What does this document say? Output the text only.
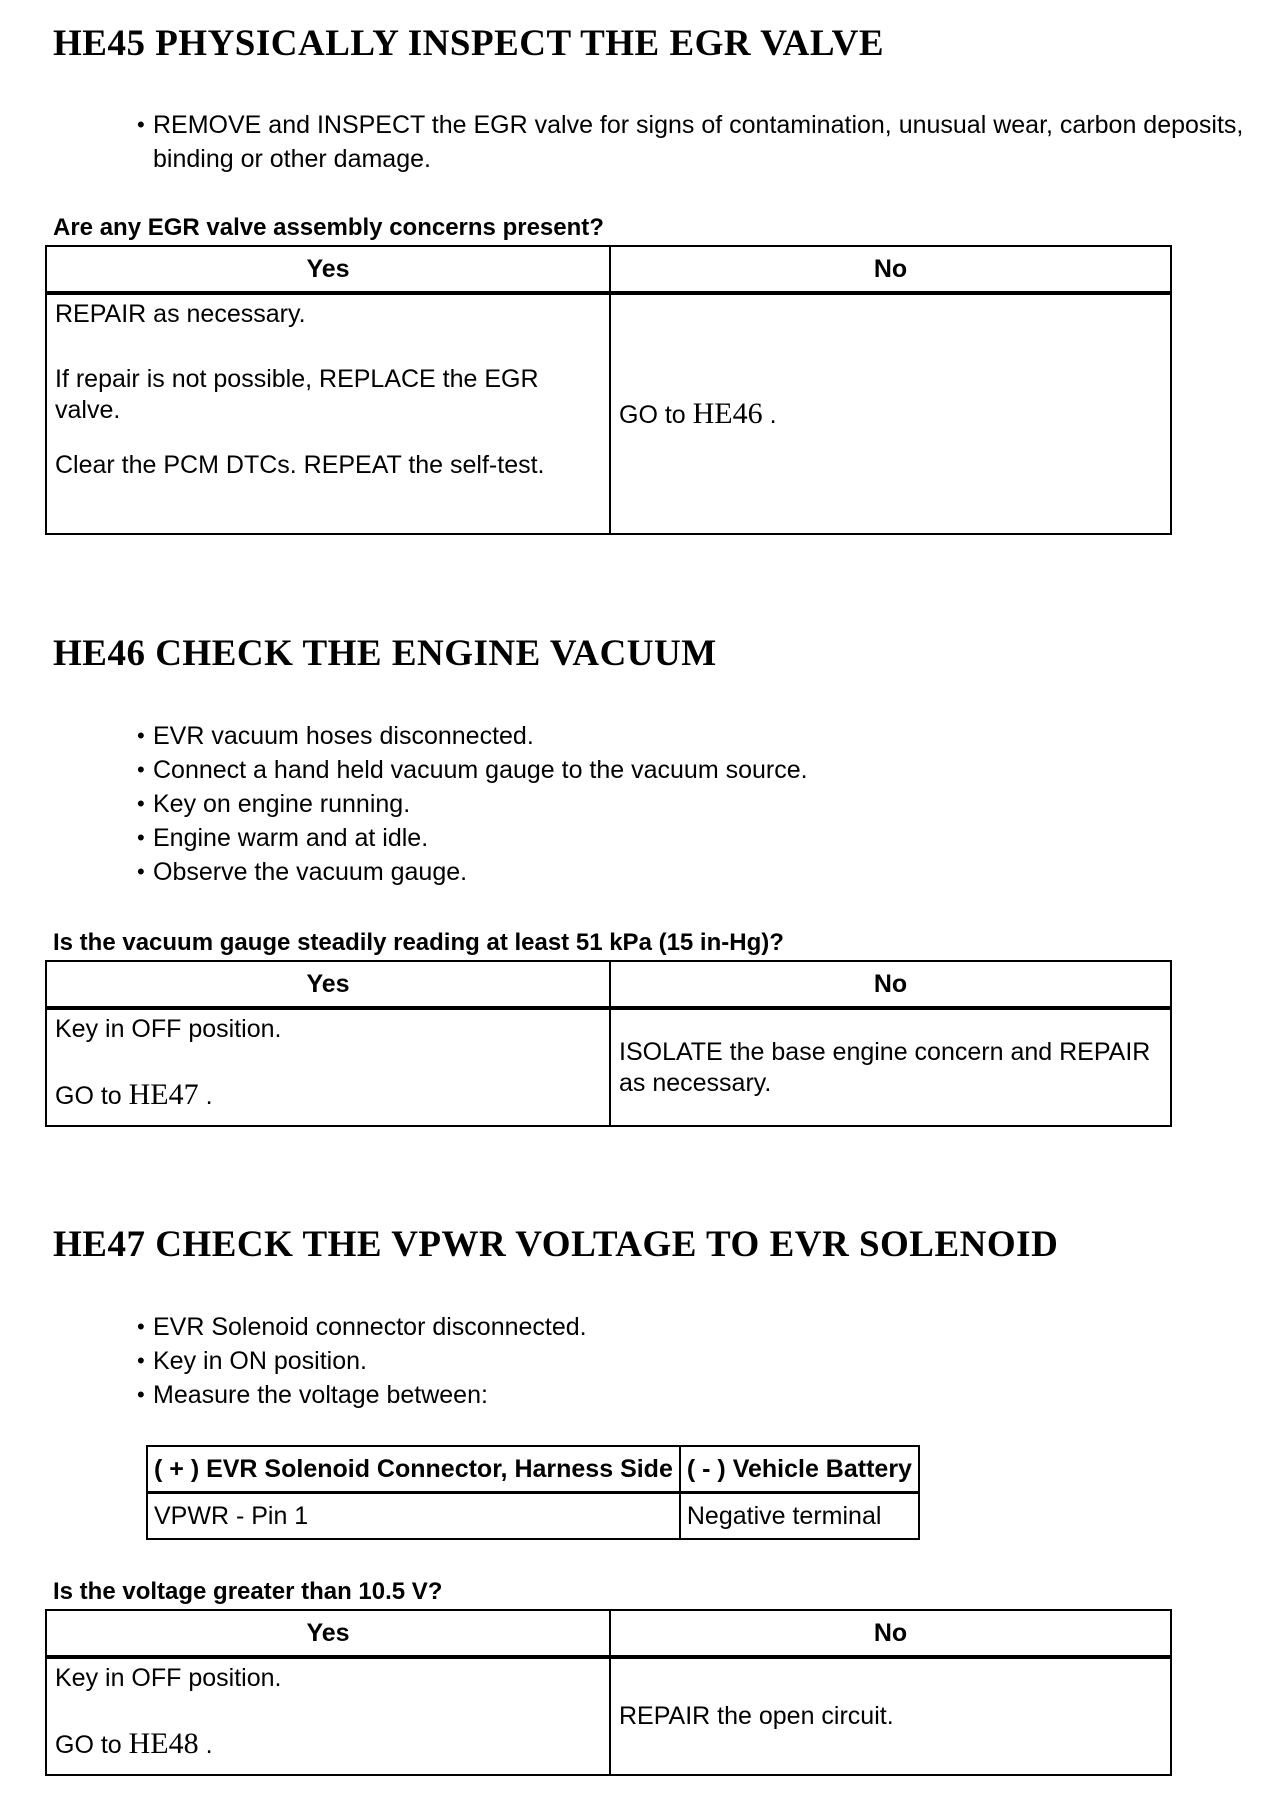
HE45 PHYSICALLY INSPECT THE EGR VALVE
• REMOVE and INSPECT the EGR valve for signs of contamination, unusual wear, carbon deposits, binding or other damage.

Are any EGR valve assembly concerns present?

Yes	No

REPAIR as necessary.

If repair is not possible, REPLACE the EGR valve.

Clear the PCM DTCs. REPEAT the self-test.	GO to HE46 .
HE46 CHECK THE ENGINE VACUUM
• EVR vacuum hoses disconnected.
• Connect a hand held vacuum gauge to the vacuum source.
• Key on engine running.
• Engine warm and at idle.
• Observe the vacuum gauge.

Is the vacuum gauge steadily reading at least 51 kPa (15 in-Hg)?

Yes	No

Key in OFF position.

GO to HE47 .	ISOLATE the base engine concern and REPAIR as necessary.
HE47 CHECK THE VPWR VOLTAGE TO EVR SOLENOID
• EVR Solenoid connector disconnected.
• Key in ON position.
• Measure the voltage between:
( + ) EVR Solenoid Connector, Harness Side	( - ) Vehicle Battery
VPWR - Pin 1	Negative terminal

Is the voltage greater than 10.5 V?

Yes	No

Key in OFF position.

GO to HE48 .	REPAIR the open circuit.
